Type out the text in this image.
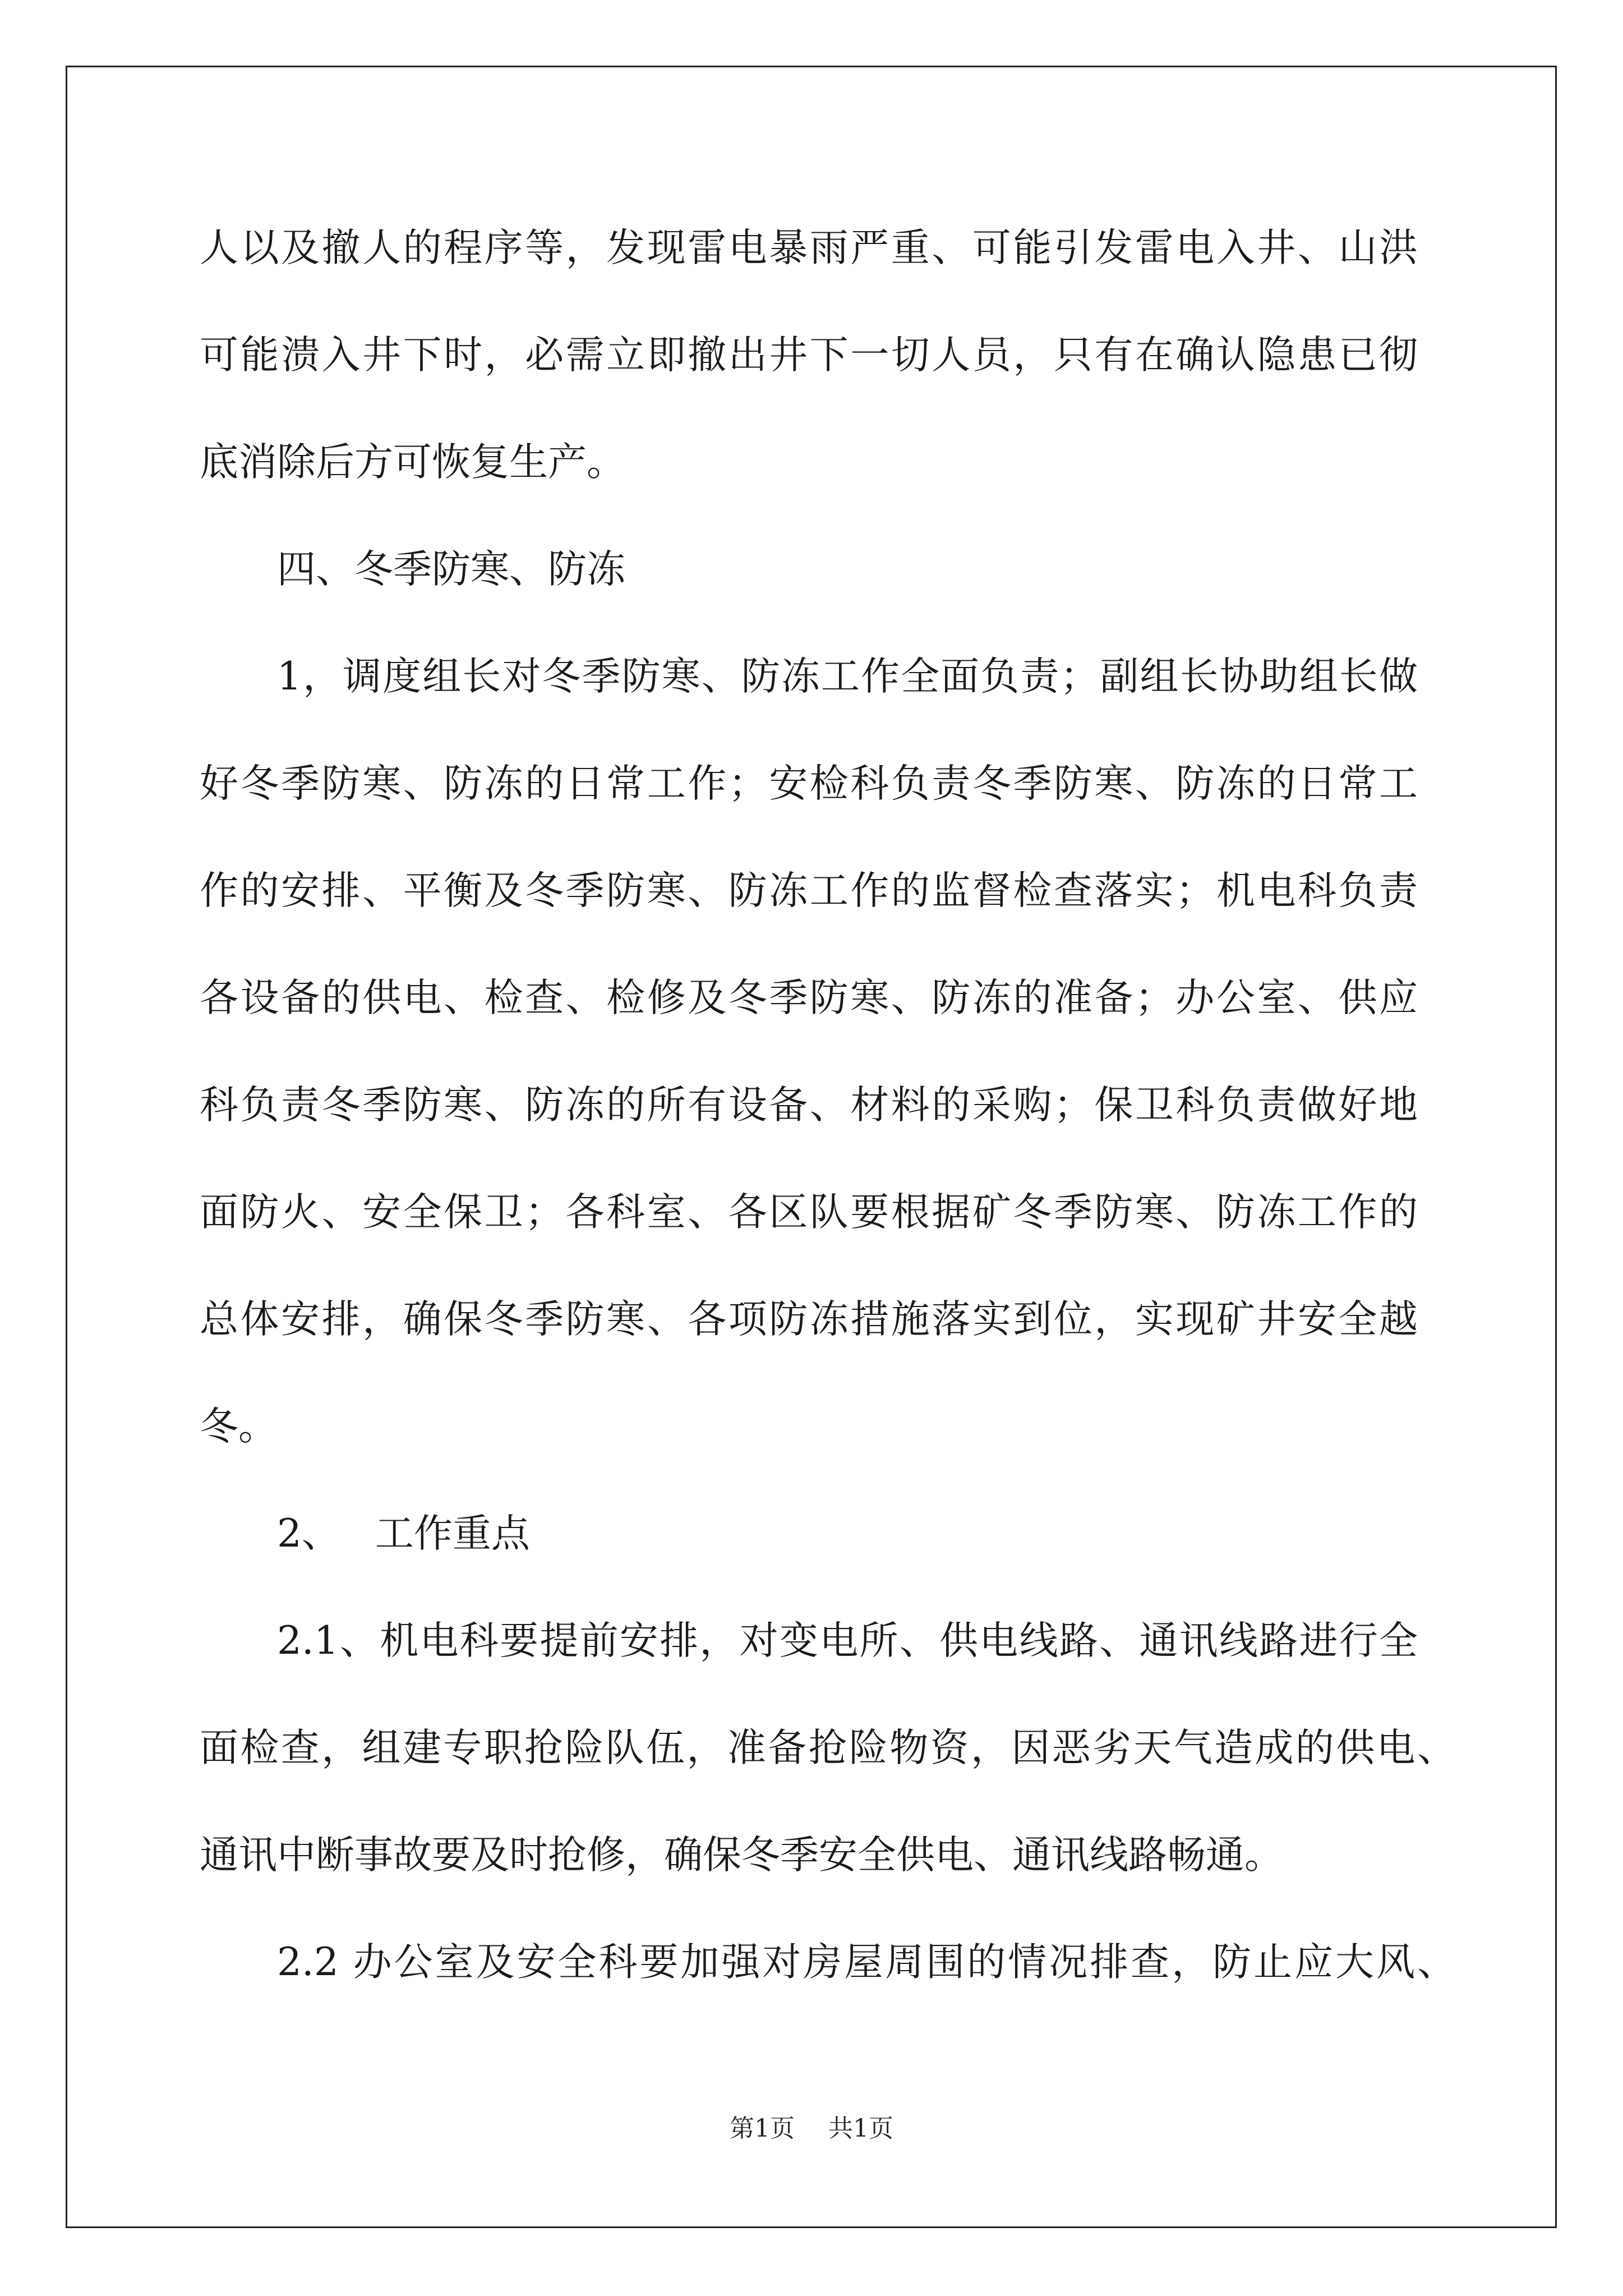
人以及撤人的程序等，发现雷电暴雨严重、可能引发雷电入井、山洪

可能溃入井下时，必需立即撤出井下一切人员，只有在确认隐患已彻

底消除后方可恢复生产。

四、冬季防寒、防冻

1，调度组长对冬季防寒、防冻工作全面负责；副组长协助组长做

好冬季防寒、防冻的日常工作；安检科负责冬季防寒、防冻的日常工

作的安排、平衡及冬季防寒、防冻工作的监督检查落实；机电科负责

各设备的供电、检查、检修及冬季防寒、防冻的准备；办公室、供应

科负责冬季防寒、防冻的所有设备、材料的采购；保卫科负责做好地

面防火、安全保卫；各科室、各区队要根据矿冬季防寒、防冻工作的

总体安排，确保冬季防寒、各项防冻措施落实到位，实现矿井安全越

冬。

2、 工作重点

2.1、机电科要提前安排，对变电所、供电线路、通讯线路进行全

面检查，组建专职抢险队伍，准备抢险物资，因恶劣天气造成的供电、

通讯中断事故要及时抢修，确保冬季安全供电、通讯线路畅通。

2.2 办公室及安全科要加强对房屋周围的情况排查，防止应大风、

第1页 共1页
